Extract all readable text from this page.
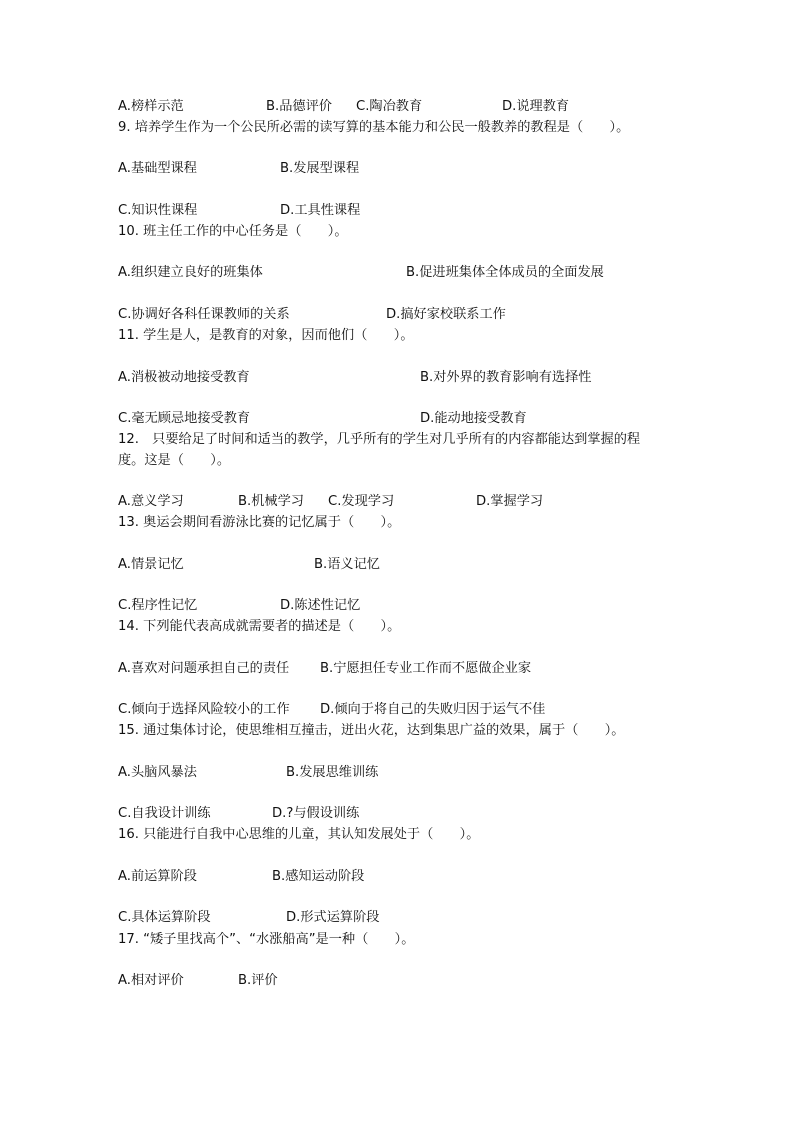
A.榜样示范	B.品德评价 C.陶冶教育	D.说理教育
9. 培养学生作为一个公民所必需的读写算的基本能力和公民一般教养的教程是（　　）。
A.基础型课程	B.发展型课程
C.知识性课程	D.工具性课程
10. 班主任工作的中心任务是（　　）。
A.组织建立良好的班集体	B.促进班集体全体成员的全面发展
C.协调好各科任课教师的关系	D.搞好家校联系工作
11. 学生是人，是教育的对象，因而他们（　　）。
A.消极被动地接受教育	B.对外界的教育影响有选择性
C.毫无顾忌地接受教育	D.能动地接受教育
12.　只要给足了时间和适当的教学，几乎所有的学生对几乎所有的内容都能达到掌握的程
度。这是（　　）。
A.意义学习	B.机械学习 C.发现学习	D.掌握学习
13. 奥运会期间看游泳比赛的记忆属于（　　）。
A.情景记忆	B.语义记忆
C.程序性记忆	D.陈述性记忆
14. 下列能代表高成就需要者的描述是（　　）。
A.喜欢对问题承担自己的责任 B.宁愿担任专业工作而不愿做企业家
C.倾向于选择风险较小的工作 D.倾向于将自己的失败归因于运气不佳
15. 通过集体讨论，使思维相互撞击，迸出火花，达到集思广益的效果，属于（　　）。
A.头脑风暴法	B.发展思维训练
C.自我设计训练	D.?与假设训练
16. 只能进行自我中心思维的儿童，其认知发展处于（　　）。
A.前运算阶段	B.感知运动阶段
C.具体运算阶段	D.形式运算阶段
17. “矮子里找高个”、“水涨船高”是一种（　　）。
A.相对评价	B.评价
